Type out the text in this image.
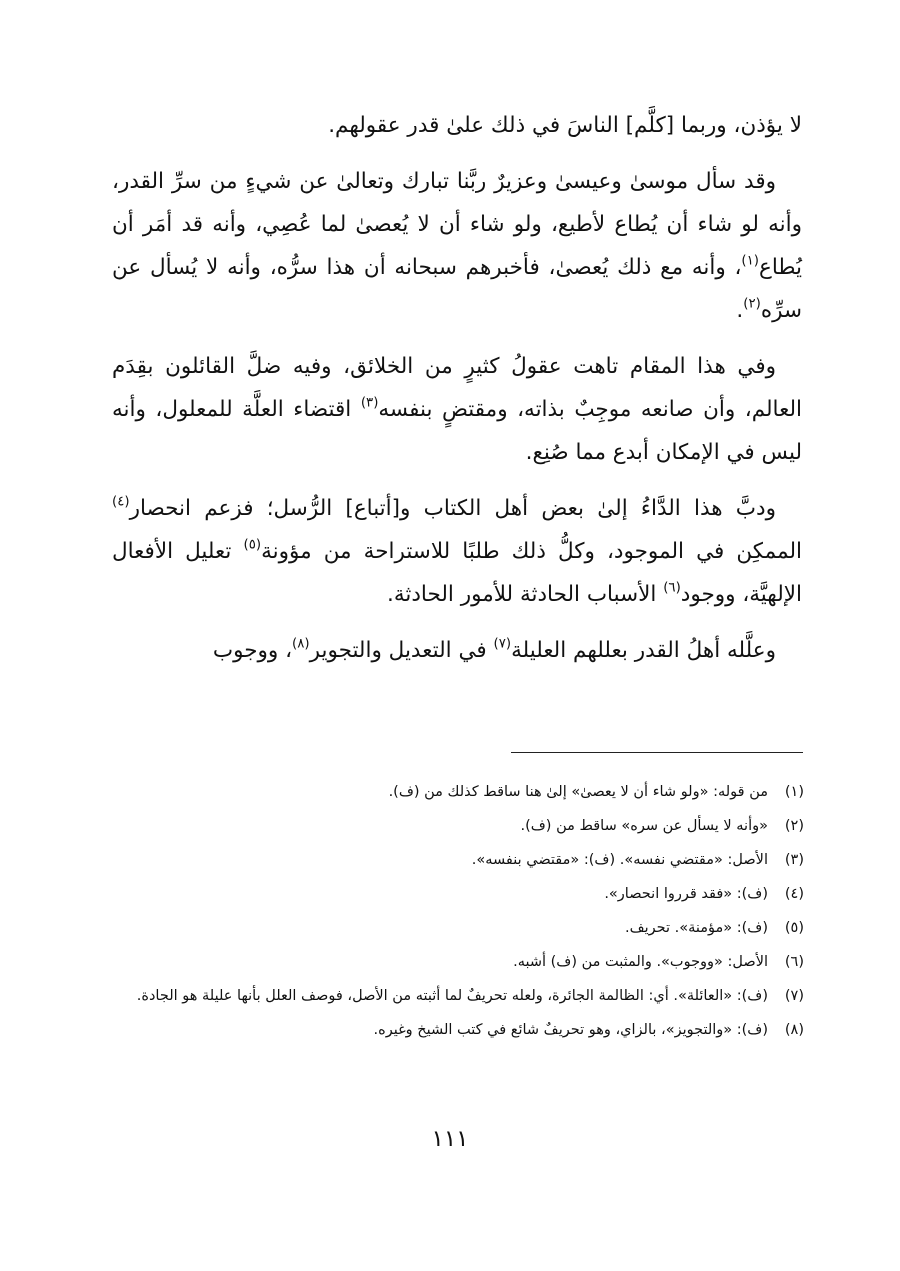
لا يؤذن، وربما [كلَّم] الناسَ في ذلك علىٰ قدر عقولهم.

وقد سأل موسىٰ وعيسىٰ وعزيرٌ ربَّنا تبارك وتعالىٰ عن شيءٍ من سرِّ القدر، وأنه لو شاء أن يُطاع لأطيع، ولو شاء أن لا يُعصىٰ لما عُصِي، وأنه قد أمَر أن يُطاع$^{(١)}$، وأنه مع ذلك يُعصىٰ، فأخبرهم سبحانه أن هذا سرُّه، وأنه لا يُسأل عن سرِّه$^{(٢)}$.

وفي هذا المقام تاهت عقولُ كثيرٍ من الخلائق، وفيه ضلَّ القائلون بقِدَم العالم، وأن صانعه موجِبٌ بذاته، ومقتضٍ بنفسه$^{(٣)}$ اقتضاء العلَّة للمعلول، وأنه ليس في الإمكان أبدع مما صُنِع.

ودبَّ هذا الدَّاءُ إلىٰ بعض أهل الكتاب و[أتباع] الرُّسل؛ فزعم انحصار$^{(٤)}$ الممكِن في الموجود، وكلُّ ذلك طلبًا للاستراحة من مؤونة$^{(٥)}$ تعليل الأفعال الإلهيَّة، ووجود$^{(٦)}$ الأسباب الحادثة للأمور الحادثة.

وعلَّله أهلُ القدر بعللهم العليلة$^{(٧)}$ في التعديل والتجوير$^{(٨)}$، ووجوب

(١)
من قوله: «ولو شاء أن لا يعصىٰ» إلىٰ هنا ساقط كذلك من (ف).
(٢)
«وأنه لا يسأل عن سره» ساقط من (ف).
(٣)
الأصل: «مقتضي نفسه». (ف): «مقتضي بنفسه».
(٤)
(ف): «فقد قرروا انحصار».
(٥)
(ف): «مؤمنة». تحريف.
(٦)
الأصل: «ووجوب». والمثبت من (ف) أشبه.
(٧)
(ف): «العائلة». أي: الظالمة الجائرة، ولعله تحريفٌ لما أثبته من الأصل، فوصف العلل بأنها عليلة هو الجادة.
(٨)
(ف): «والتجويز»، بالزاي، وهو تحريفٌ شائع في كتب الشيخ وغيره.
١١١
